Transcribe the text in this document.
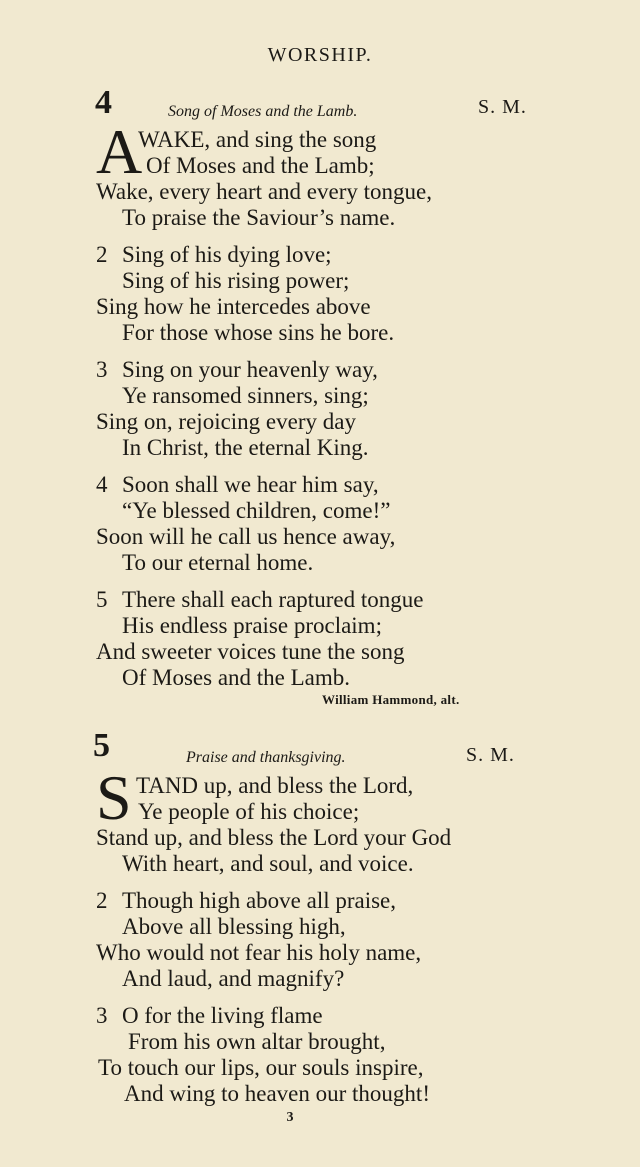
WORSHIP.
4	Song of Moses and the Lamb.	S. M.
A
WAKE, and sing the song
Of Moses and the Lamb;
Wake, every heart and every tongue,
To praise the Saviour’s name.
2 Sing of his dying love;
Sing of his rising power;
Sing how he intercedes above
For those whose sins he bore.
3 Sing on your heavenly way,
Ye ransomed sinners, sing;
Sing on, rejoicing every day
In Christ, the eternal King.
4 Soon shall we hear him say,
“Ye blessed children, come!”
Soon will he call us hence away,
To our eternal home.
5 There shall each raptured tongue
His endless praise proclaim;
And sweeter voices tune the song
Of Moses and the Lamb.
William Hammond, alt.
5	Praise and thanksgiving.	S. M.
S TAND up, and bless the Lord,
Ye people of his choice;
Stand up, and bless the Lord your God
With heart, and soul, and voice.
2 Though high above all praise,
Above all blessing high,
Who would not fear his holy name,
And laud, and magnify?
3 O for the living flame
From his own altar brought,
To touch our lips, our souls inspire,
And wing to heaven our thought!
3
